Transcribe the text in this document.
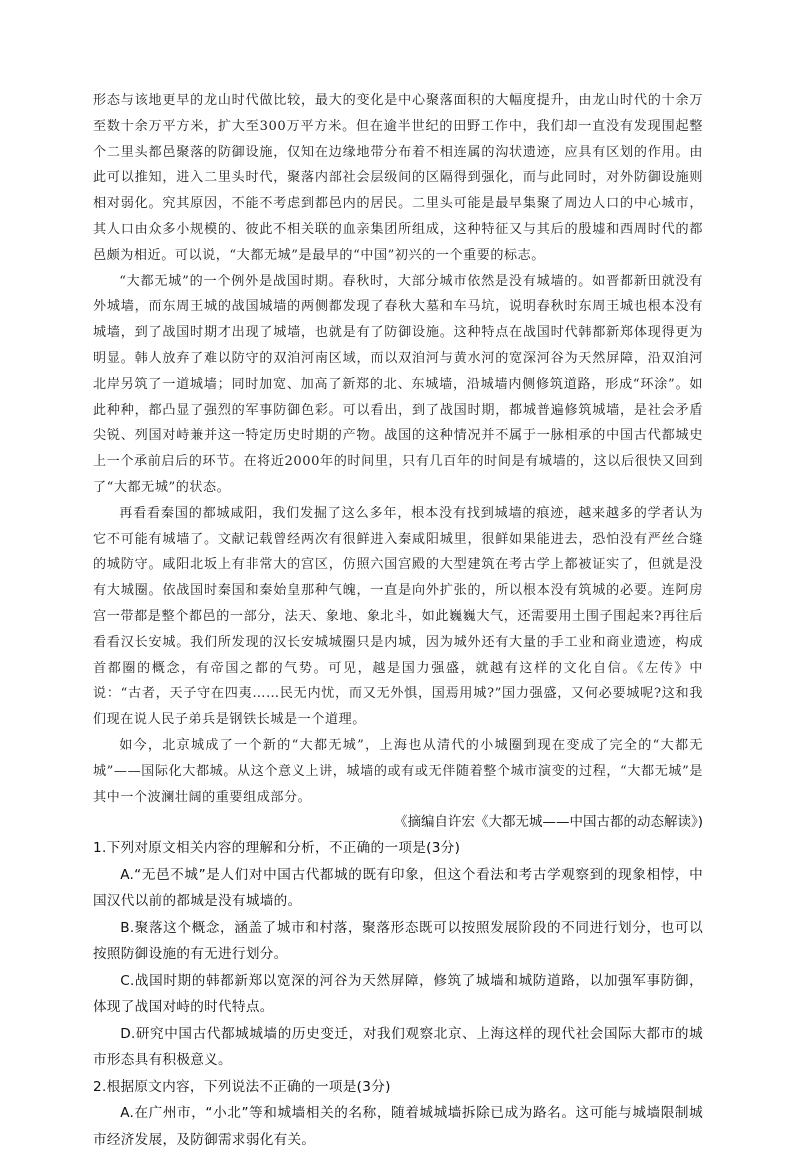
形态与该地更早的龙山时代做比较，最大的变化是中心聚落面积的大幅度提升，由龙山时代的十余万至数十余万平方米，扩大至300万平方米。但在逾半世纪的田野工作中，我们却一直没有发现围起整个二里头都邑聚落的防御设施，仅知在边缘地带分布着不相连属的沟状遗迹，应具有区划的作用。由此可以推知，进入二里头时代，聚落内部社会层级间的区隔得到强化，而与此同时，对外防御设施则相对弱化。究其原因，不能不考虑到都邑内的居民。二里头可能是最早集聚了周边人口的中心城市，其人口由众多小规模的、彼此不相关联的血亲集团所组成，这种特征又与其后的殷墟和西周时代的都邑颇为相近。可以说，“大都无城”是最早的“中国”初兴的一个重要的标志。

“大都无城”的一个例外是战国时期。春秋时，大部分城市依然是没有城墙的。如晋都新田就没有外城墙，而东周王城的战国城墙的两侧都发现了春秋大墓和车马坑，说明春秋时东周王城也根本没有城墙，到了战国时期才出现了城墙，也就是有了防御设施。这种特点在战国时代韩都新郑体现得更为明显。韩人放弃了难以防守的双洎河南区域，而以双洎河与黄水河的宽深河谷为天然屏障，沿双洎河北岸另筑了一道城墙；同时加宽、加高了新郑的北、东城墙，沿城墙内侧修筑道路，形成“环涂”。如此种种，都凸显了强烈的军事防御色彩。可以看出，到了战国时期，都城普遍修筑城墙，是社会矛盾尖锐、列国对峙兼并这一特定历史时期的产物。战国的这种情况并不属于一脉相承的中国古代都城史上一个承前启后的环节。在将近2000年的时间里，只有几百年的时间是有城墙的，这以后很快又回到了“大都无城”的状态。

再看看秦国的都城咸阳，我们发掘了这么多年，根本没有找到城墙的痕迹，越来越多的学者认为它不可能有城墙了。文献记载曾经两次有很鲜进入秦咸阳城里，很鲜如果能进去，恐怕没有严丝合缝的城防守。咸阳北坂上有非常大的宫区，仿照六国宫殿的大型建筑在考古学上都被证实了，但就是没有大城圈。依战国时秦国和秦始皇那种气魄，一直是向外扩张的，所以根本没有筑城的必要。连阿房宫一带都是整个都邑的一部分，法天、象地、象北斗，如此巍巍大气，还需要用土围子围起来?再往后看看汉长安城。我们所发现的汉长安城城圈只是内城，因为城外还有大量的手工业和商业遗迹，构成首都圈的概念，有帝国之都的气势。可见，越是国力强盛，就越有这样的文化自信。《左传》中说：“古者，天子守在四夷……民无内忧，而又无外惧，国焉用城?”国力强盛，又何必要城呢?这和我们现在说人民子弟兵是钢铁长城是一个道理。

如今，北京城成了一个新的“大都无城”，上海也从清代的小城圈到现在变成了完全的“大都无城”——国际化大都城。从这个意义上讲，城墙的或有或无伴随着整个城市演变的过程，“大都无城”是其中一个波澜壮阔的重要组成部分。

《摘编自许宏《大都无城——中国古都的动态解读》)

1.下列对原文相关内容的理解和分析，不正确的一项是(3分)

A.“无邑不城”是人们对中国古代都城的既有印象，但这个看法和考古学观察到的现象相悖，中国汉代以前的都城是没有城墙的。

B.聚落这个概念，涵盖了城市和村落，聚落形态既可以按照发展阶段的不同进行划分，也可以按照防御设施的有无进行划分。

C.战国时期的韩都新郑以宽深的河谷为天然屏障，修筑了城墙和城防道路，以加强军事防御，体现了战国对峙的时代特点。

D.研究中国古代都城城墙的历史变迁，对我们观察北京、上海这样的现代社会国际大都市的城市形态具有积极意义。

2.根据原文内容，下列说法不正确的一项是(3分)

A.在广州市，“小北”等和城墙相关的名称，随着城城墙拆除已成为路名。这可能与城墙限制城市经济发展，及防御需求弱化有关。
